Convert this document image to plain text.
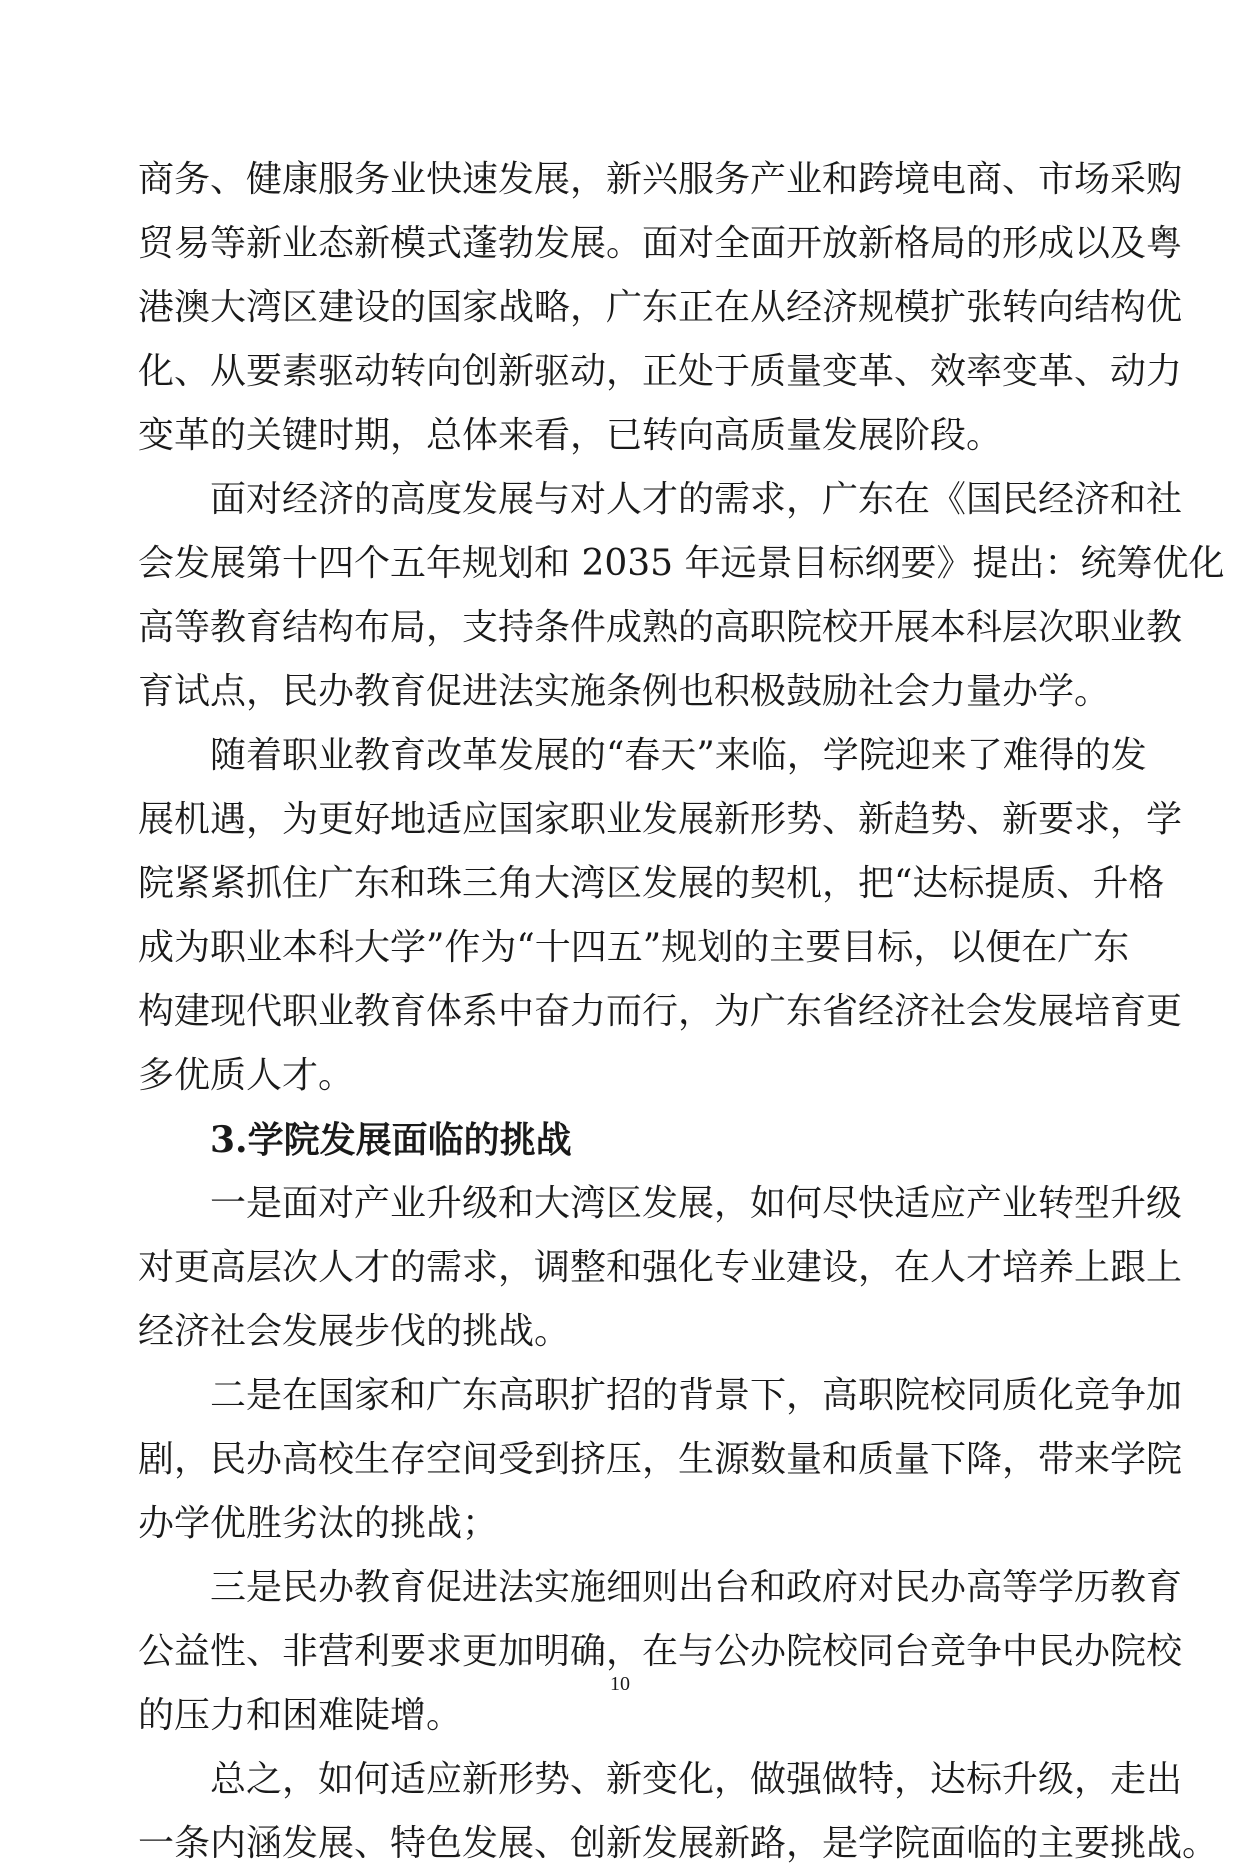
商务、健康服务业快速发展，新兴服务产业和跨境电商、市场采购
贸易等新业态新模式蓬勃发展。面对全面开放新格局的形成以及粤
港澳大湾区建设的国家战略，广东正在从经济规模扩张转向结构优
化、从要素驱动转向创新驱动，正处于质量变革、效率变革、动力
变革的关键时期，总体来看，已转向高质量发展阶段。
面对经济的高度发展与对人才的需求，广东在《国民经济和社
会发展第十四个五年规划和 2035 年远景目标纲要》提出：统筹优化
高等教育结构布局，支持条件成熟的高职院校开展本科层次职业教
育试点，民办教育促进法实施条例也积极鼓励社会力量办学。
随着职业教育改革发展的“春天”来临，学院迎来了难得的发
展机遇，为更好地适应国家职业发展新形势、新趋势、新要求，学
院紧紧抓住广东和珠三角大湾区发展的契机，把“达标提质、升格
成为职业本科大学”作为“十四五”规划的主要目标，以便在广东
构建现代职业教育体系中奋力而行，为广东省经济社会发展培育更
多优质人才。
3.学院发展面临的挑战
一是面对产业升级和大湾区发展，如何尽快适应产业转型升级
对更高层次人才的需求，调整和强化专业建设，在人才培养上跟上
经济社会发展步伐的挑战。
二是在国家和广东高职扩招的背景下，高职院校同质化竞争加
剧，民办高校生存空间受到挤压，生源数量和质量下降，带来学院
办学优胜劣汰的挑战；
三是民办教育促进法实施细则出台和政府对民办高等学历教育
公益性、非营利要求更加明确，在与公办院校同台竞争中民办院校
的压力和困难陡增。
总之，如何适应新形势、新变化，做强做特，达标升级，走出
一条内涵发展、特色发展、创新发展新路，是学院面临的主要挑战。
10
